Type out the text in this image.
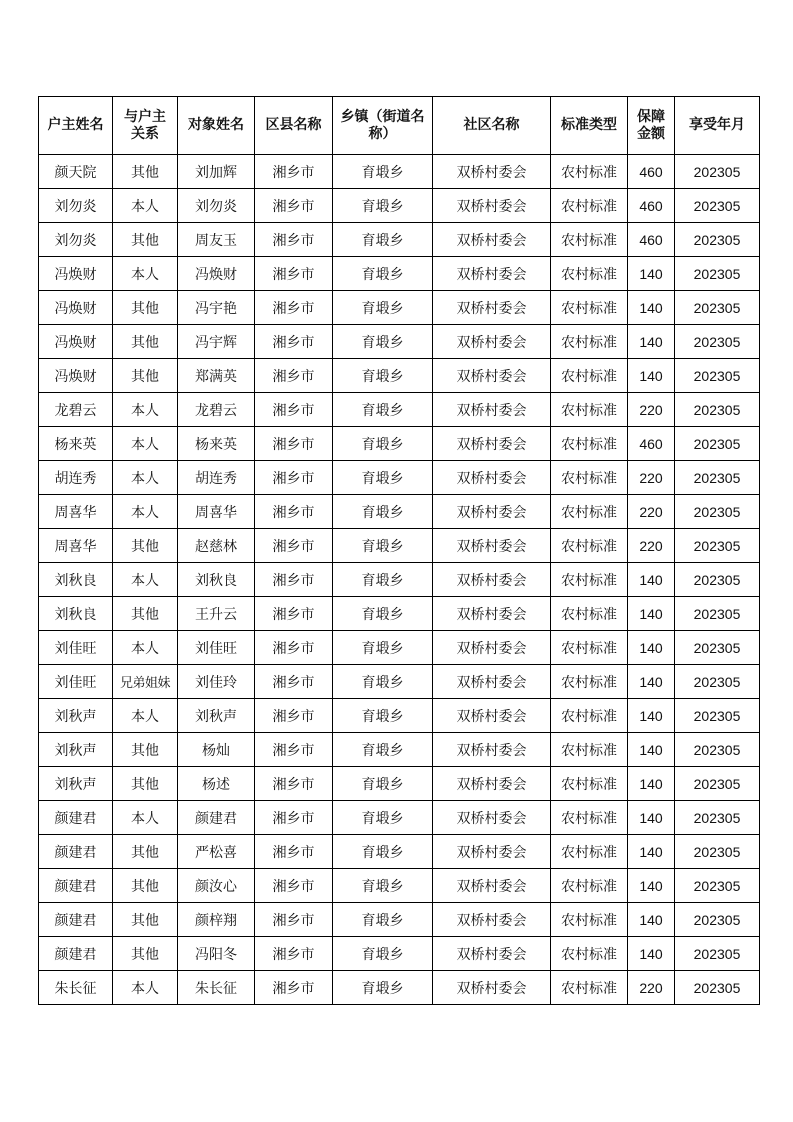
户主姓名	与户主关系	对象姓名	区县名称	乡镇（街道名称）	社区名称	标准类型	保障金额	享受年月
颜天院	其他	刘加辉	湘乡市	育塅乡	双桥村委会	农村标准	460	202305
刘勿炎	本人	刘勿炎	湘乡市	育塅乡	双桥村委会	农村标准	460	202305
刘勿炎	其他	周友玉	湘乡市	育塅乡	双桥村委会	农村标准	460	202305
冯焕财	本人	冯焕财	湘乡市	育塅乡	双桥村委会	农村标准	140	202305
冯焕财	其他	冯宇艳	湘乡市	育塅乡	双桥村委会	农村标准	140	202305
冯焕财	其他	冯宇辉	湘乡市	育塅乡	双桥村委会	农村标准	140	202305
冯焕财	其他	郑满英	湘乡市	育塅乡	双桥村委会	农村标准	140	202305
龙碧云	本人	龙碧云	湘乡市	育塅乡	双桥村委会	农村标准	220	202305
杨来英	本人	杨来英	湘乡市	育塅乡	双桥村委会	农村标准	460	202305
胡连秀	本人	胡连秀	湘乡市	育塅乡	双桥村委会	农村标准	220	202305
周喜华	本人	周喜华	湘乡市	育塅乡	双桥村委会	农村标准	220	202305
周喜华	其他	赵慈林	湘乡市	育塅乡	双桥村委会	农村标准	220	202305
刘秋良	本人	刘秋良	湘乡市	育塅乡	双桥村委会	农村标准	140	202305
刘秋良	其他	王升云	湘乡市	育塅乡	双桥村委会	农村标准	140	202305
刘佳旺	本人	刘佳旺	湘乡市	育塅乡	双桥村委会	农村标准	140	202305
刘佳旺	兄弟姐妹	刘佳玲	湘乡市	育塅乡	双桥村委会	农村标准	140	202305
刘秋声	本人	刘秋声	湘乡市	育塅乡	双桥村委会	农村标准	140	202305
刘秋声	其他	杨灿	湘乡市	育塅乡	双桥村委会	农村标准	140	202305
刘秋声	其他	杨述	湘乡市	育塅乡	双桥村委会	农村标准	140	202305
颜建君	本人	颜建君	湘乡市	育塅乡	双桥村委会	农村标准	140	202305
颜建君	其他	严松喜	湘乡市	育塅乡	双桥村委会	农村标准	140	202305
颜建君	其他	颜汝心	湘乡市	育塅乡	双桥村委会	农村标准	140	202305
颜建君	其他	颜梓翔	湘乡市	育塅乡	双桥村委会	农村标准	140	202305
颜建君	其他	冯阳冬	湘乡市	育塅乡	双桥村委会	农村标准	140	202305
朱长征	本人	朱长征	湘乡市	育塅乡	双桥村委会	农村标准	220	202305
